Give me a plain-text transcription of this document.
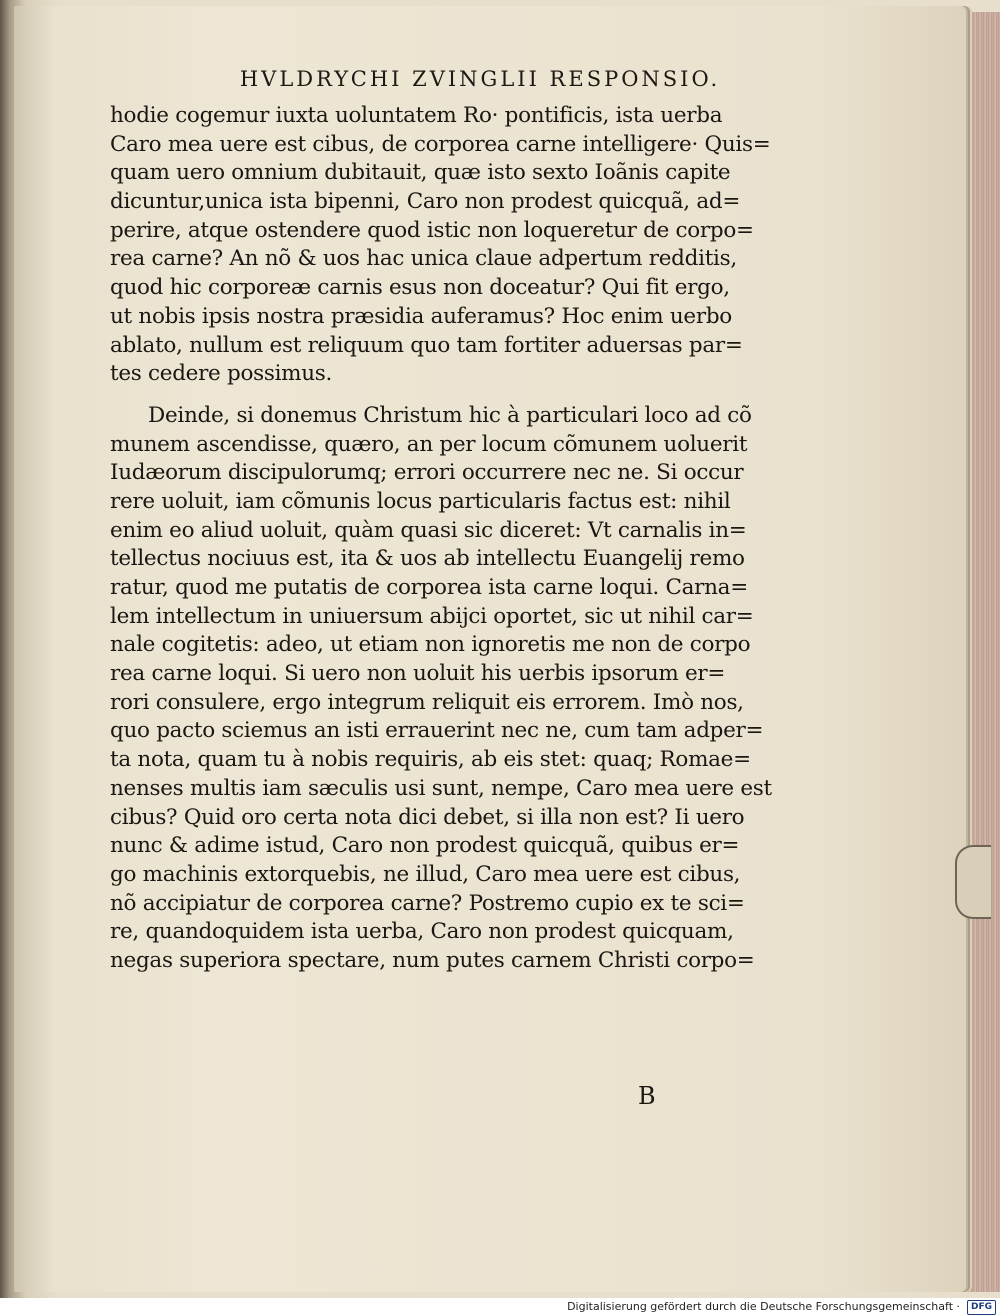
HVLDRYCHI ZVINGLII RESPONSIO.
hodie cogemur iuxta uoluntatem Ro· pontificis, ista uerba
Caro mea uere est cibus, de corporea carne intelligere· Quis=
quam uero omnium dubitauit, quæ isto sexto Ioãnis capite
dicuntur,unica ista bipenni, Caro non prodest quicquã, ad=
perire, atque ostendere quod istic non loqueretur de corpo=
rea carne? An nõ & uos hac unica claue adpertum redditis,
quod hic corporeæ carnis esus non doceatur? Qui fit ergo,
ut nobis ipsis nostra præsidia auferamus? Hoc enim uerbo
ablato, nullum est reliquum quo tam fortiter aduersas par=
tes cedere possimus.
Deinde, si donemus Christum hic à particulari loco ad cõ
munem ascendisse, quæro, an per locum cõmunem uoluerit
Iudæorum discipulorumq; errori occurrere nec ne. Si occur
rere uoluit, iam cõmunis locus particularis factus est: nihil
enim eo aliud uoluit, quàm quasi sic diceret: Vt carnalis in=
tellectus nociuus est, ita & uos ab intellectu Euangelij remo
ratur, quod me putatis de corporea ista carne loqui. Carna=
lem intellectum in uniuersum abijci oportet, sic ut nihil car=
nale cogitetis: adeo, ut etiam non ignoretis me non de corpo
rea carne loqui. Si uero non uoluit his uerbis ipsorum er=
rori consulere, ergo integrum reliquit eis errorem. Imò nos,
quo pacto sciemus an isti errauerint nec ne, cum tam adper=
ta nota, quam tu à nobis requiris, ab eis stet: quaq; Romae=
nenses multis iam sæculis usi sunt, nempe, Caro mea uere est
cibus? Quid oro certa nota dici debet, si illa non est? Ii uero
nunc & adime istud, Caro non prodest quicquã, quibus er=
go machinis extorquebis, ne illud, Caro mea uere est cibus,
nõ accipiatur de corporea carne? Postremo cupio ex te sci=
re, quandoquidem ista uerba, Caro non prodest quicquam,
negas superiora spectare, num putes carnem Christi corpo=
B
Digitalisierung gefördert durch die Deutsche Forschungsgemeinschaft ·	DFG
